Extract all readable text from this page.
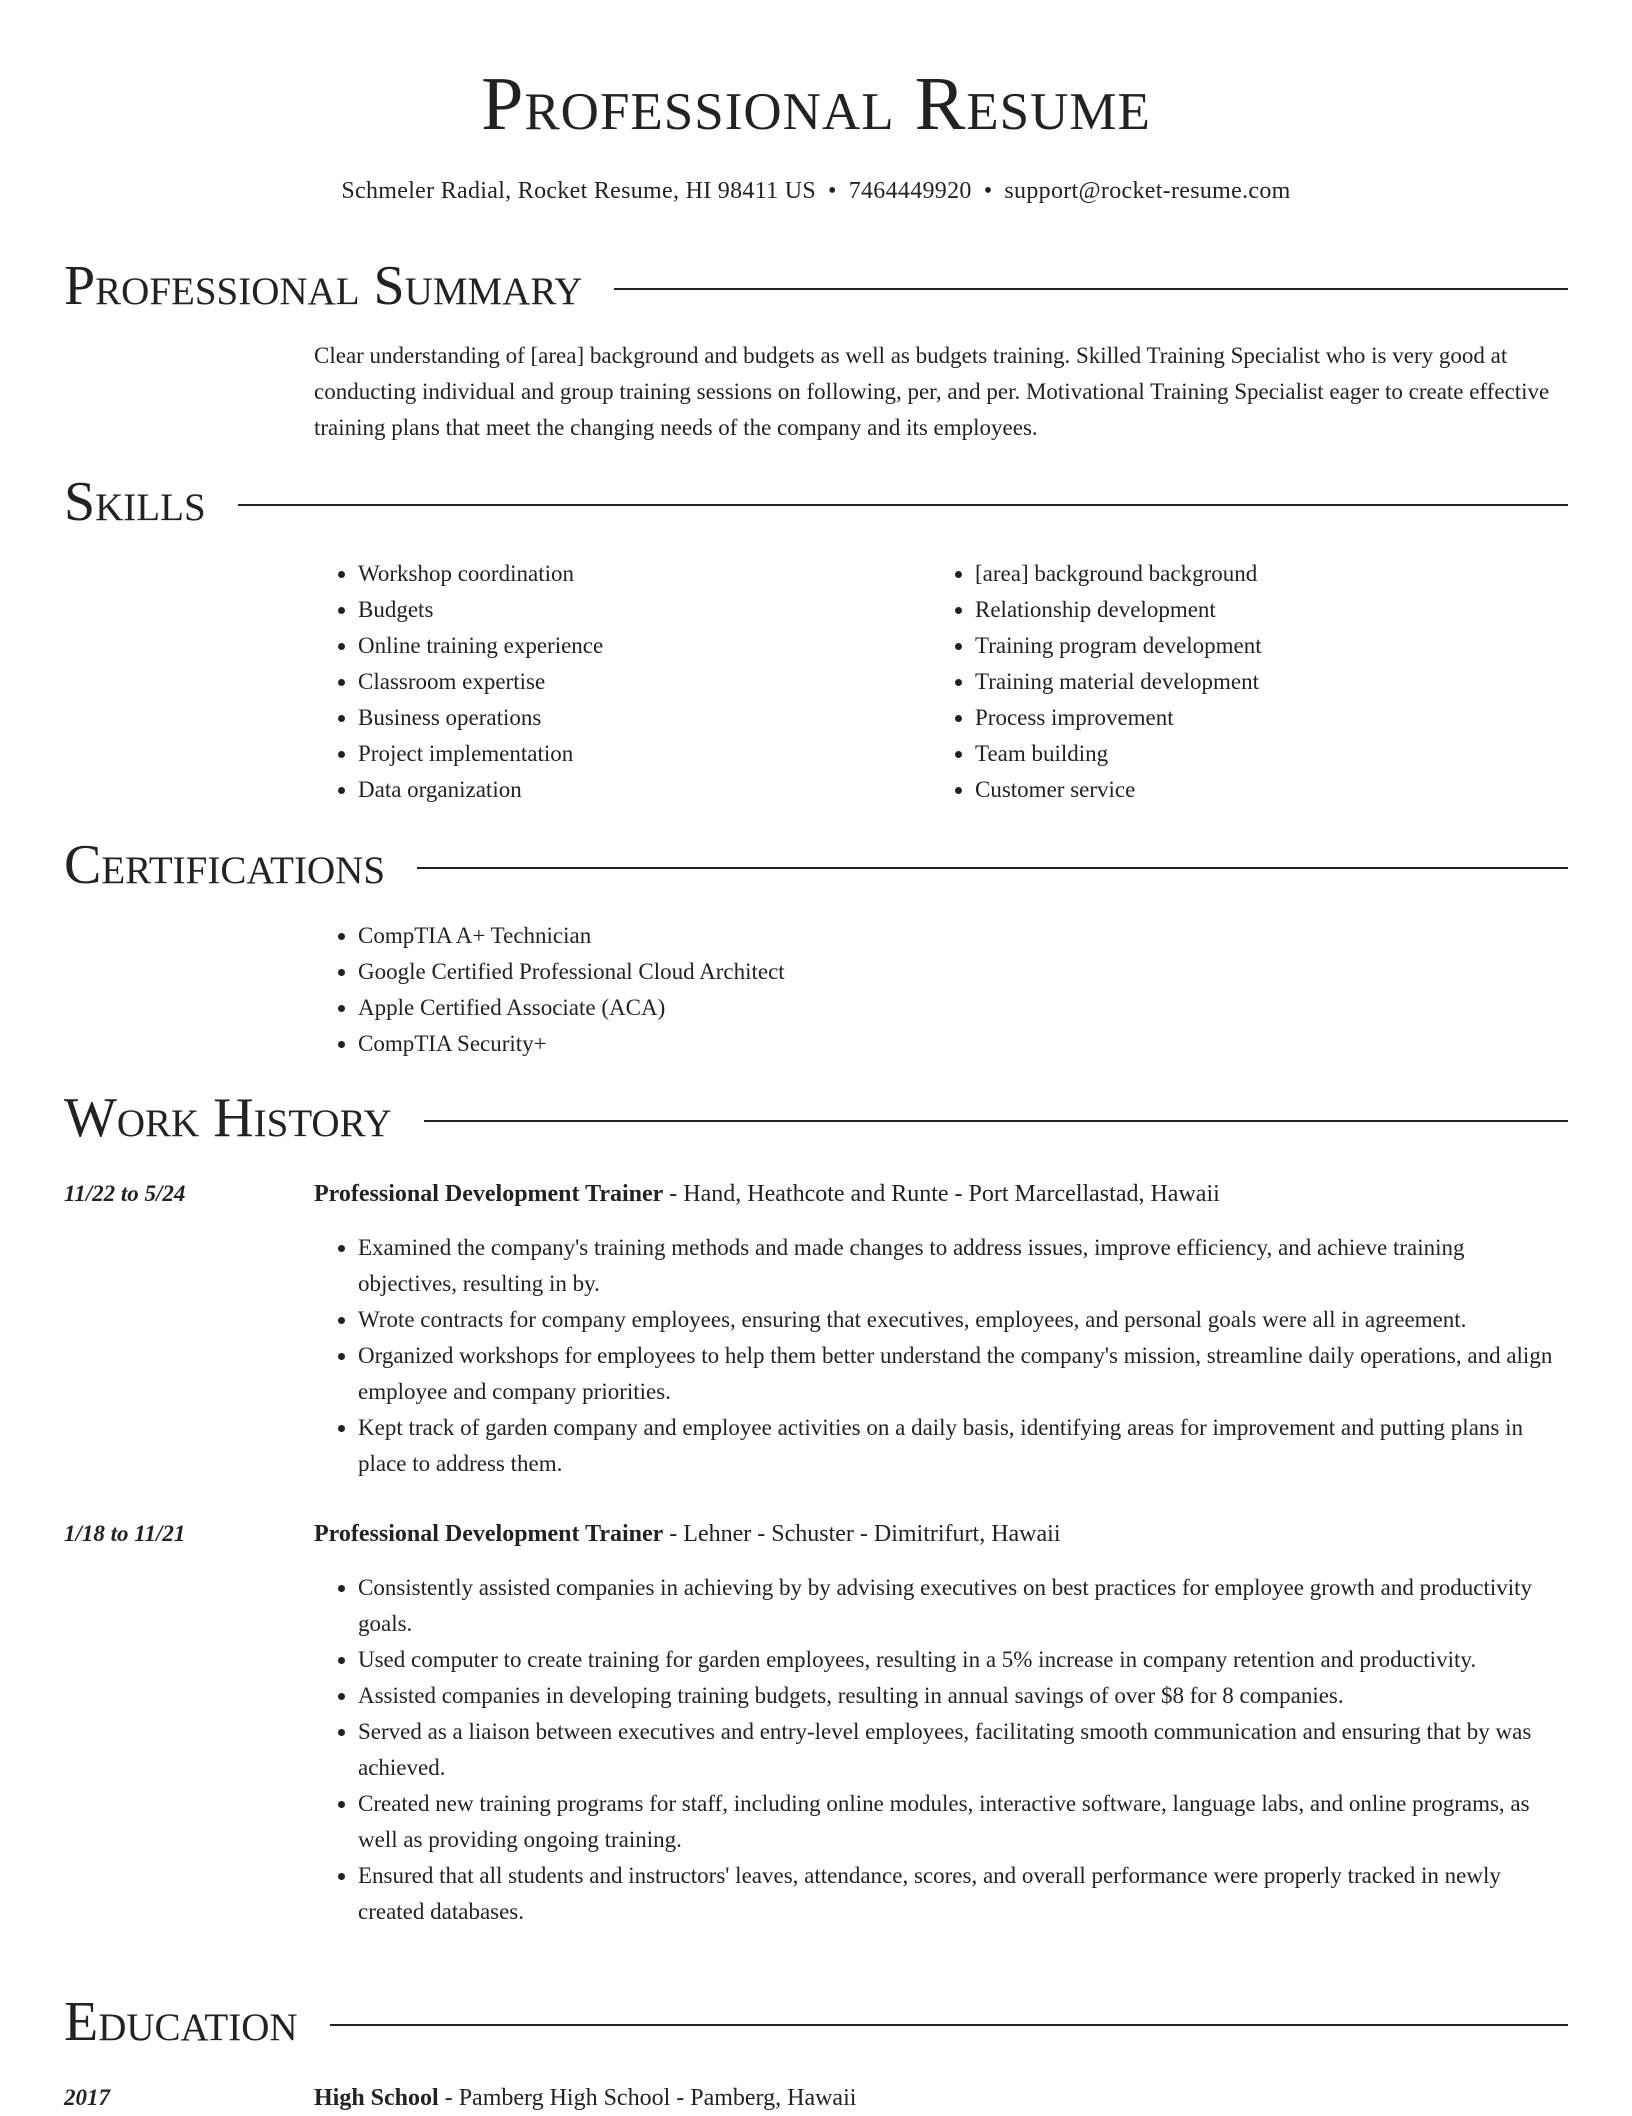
Professional Resume
Schmeler Radial, Rocket Resume, HI 98411 US • 7464449920 • support@rocket-resume.com
Professional Summary

Clear understanding of [area] background and budgets as well as budgets training. Skilled Training Specialist who is very good at conducting individual and group training sessions on following, per, and per. Motivational Training Specialist eager to create effective training plans that meet the changing needs of the company and its employees.

Skills
• Workshop coordination
• Budgets
• Online training experience
• Classroom expertise
• Business operations
• Project implementation
• Data organization
• [area] background background
• Relationship development
• Training program development
• Training material development
• Process improvement
• Team building
• Customer service
Certifications
• CompTIA A+ Technician
• Google Certified Professional Cloud Architect
• Apple Certified Associate (ACA)
• CompTIA Security+
Work History
11/22 to 5/24	Professional Development Trainer - Hand, Heathcote and Runte - Port Marcellastad, Hawaii
• Examined the company's training methods and made changes to address issues, improve efficiency, and achieve training objectives, resulting in by.
• Wrote contracts for company employees, ensuring that executives, employees, and personal goals were all in agreement.
• Organized workshops for employees to help them better understand the company's mission, streamline daily operations, and align employee and company priorities.
• Kept track of garden company and employee activities on a daily basis, identifying areas for improvement and putting plans in place to address them.
1/18 to 11/21	Professional Development Trainer - Lehner - Schuster - Dimitrifurt, Hawaii
• Consistently assisted companies in achieving by by advising executives on best practices for employee growth and productivity goals.
• Used computer to create training for garden employees, resulting in a 5% increase in company retention and productivity.
• Assisted companies in developing training budgets, resulting in annual savings of over $8 for 8 companies.
• Served as a liaison between executives and entry-level employees, facilitating smooth communication and ensuring that by was achieved.
• Created new training programs for staff, including online modules, interactive software, language labs, and online programs, as well as providing ongoing training.
• Ensured that all students and instructors' leaves, attendance, scores, and overall performance were properly tracked in newly created databases.
Education
2017	High School - Pamberg High School - Pamberg, Hawaii
